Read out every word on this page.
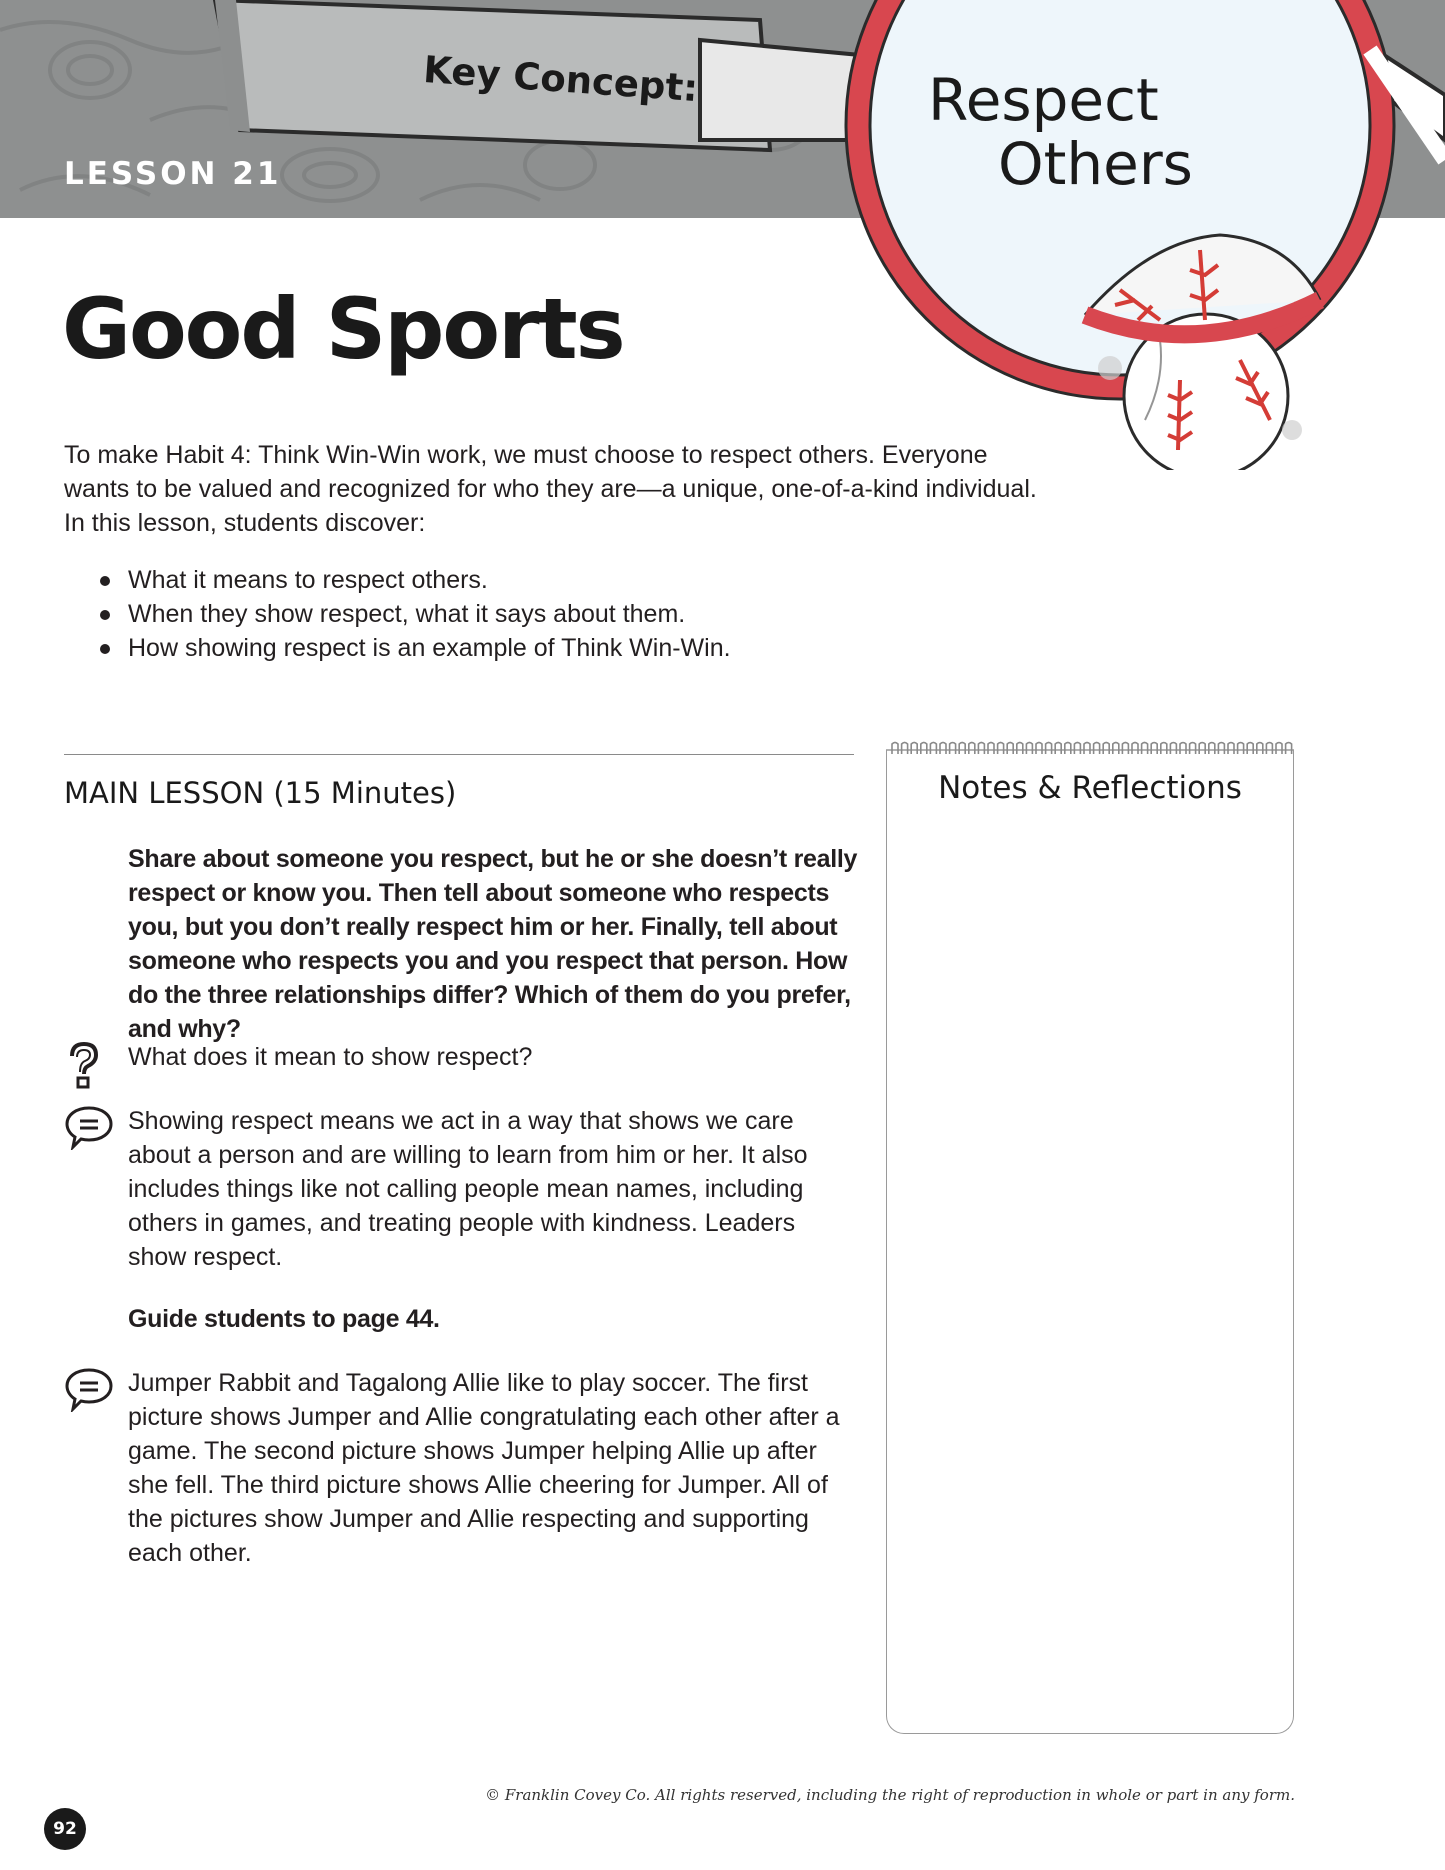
LESSON 21
Key Concept:	Respect
Others
Good Sports

To make Habit 4: Think Win-Win work, we must choose to respect others. Everyone wants to be valued and recognized for who they are—a unique, one-of-a-kind individual. In this lesson, students discover:

What it means to respect others.
When they show respect, what it says about them.
How showing respect is an example of Think Win-Win.
MAIN LESSON (15 Minutes)

Share about someone you respect, but he or she doesn’t really respect or know you. Then tell about someone who respects you, but you don’t really respect him or her. Finally, tell about someone who respects you and you respect that person. How do the three relationships differ? Which of them do you prefer, and why?

What does it mean to show respect?

Showing respect means we act in a way that shows we care about a person and are willing to learn from him or her. It also includes things like not calling people mean names, including others in games, and treating people with kindness. Leaders show respect.

Guide students to page 44.

Jumper Rabbit and Tagalong Allie like to play soccer. The first picture shows Jumper and Allie congratulating each other after a game. The second picture shows Jumper helping Allie up after she fell. The third picture shows Allie cheering for Jumper. All of the pictures show Jumper and Allie respecting and supporting each other.

Notes & Reflections
© Franklin Covey Co. All rights reserved, including the right of reproduction in whole or part in any form.
92
